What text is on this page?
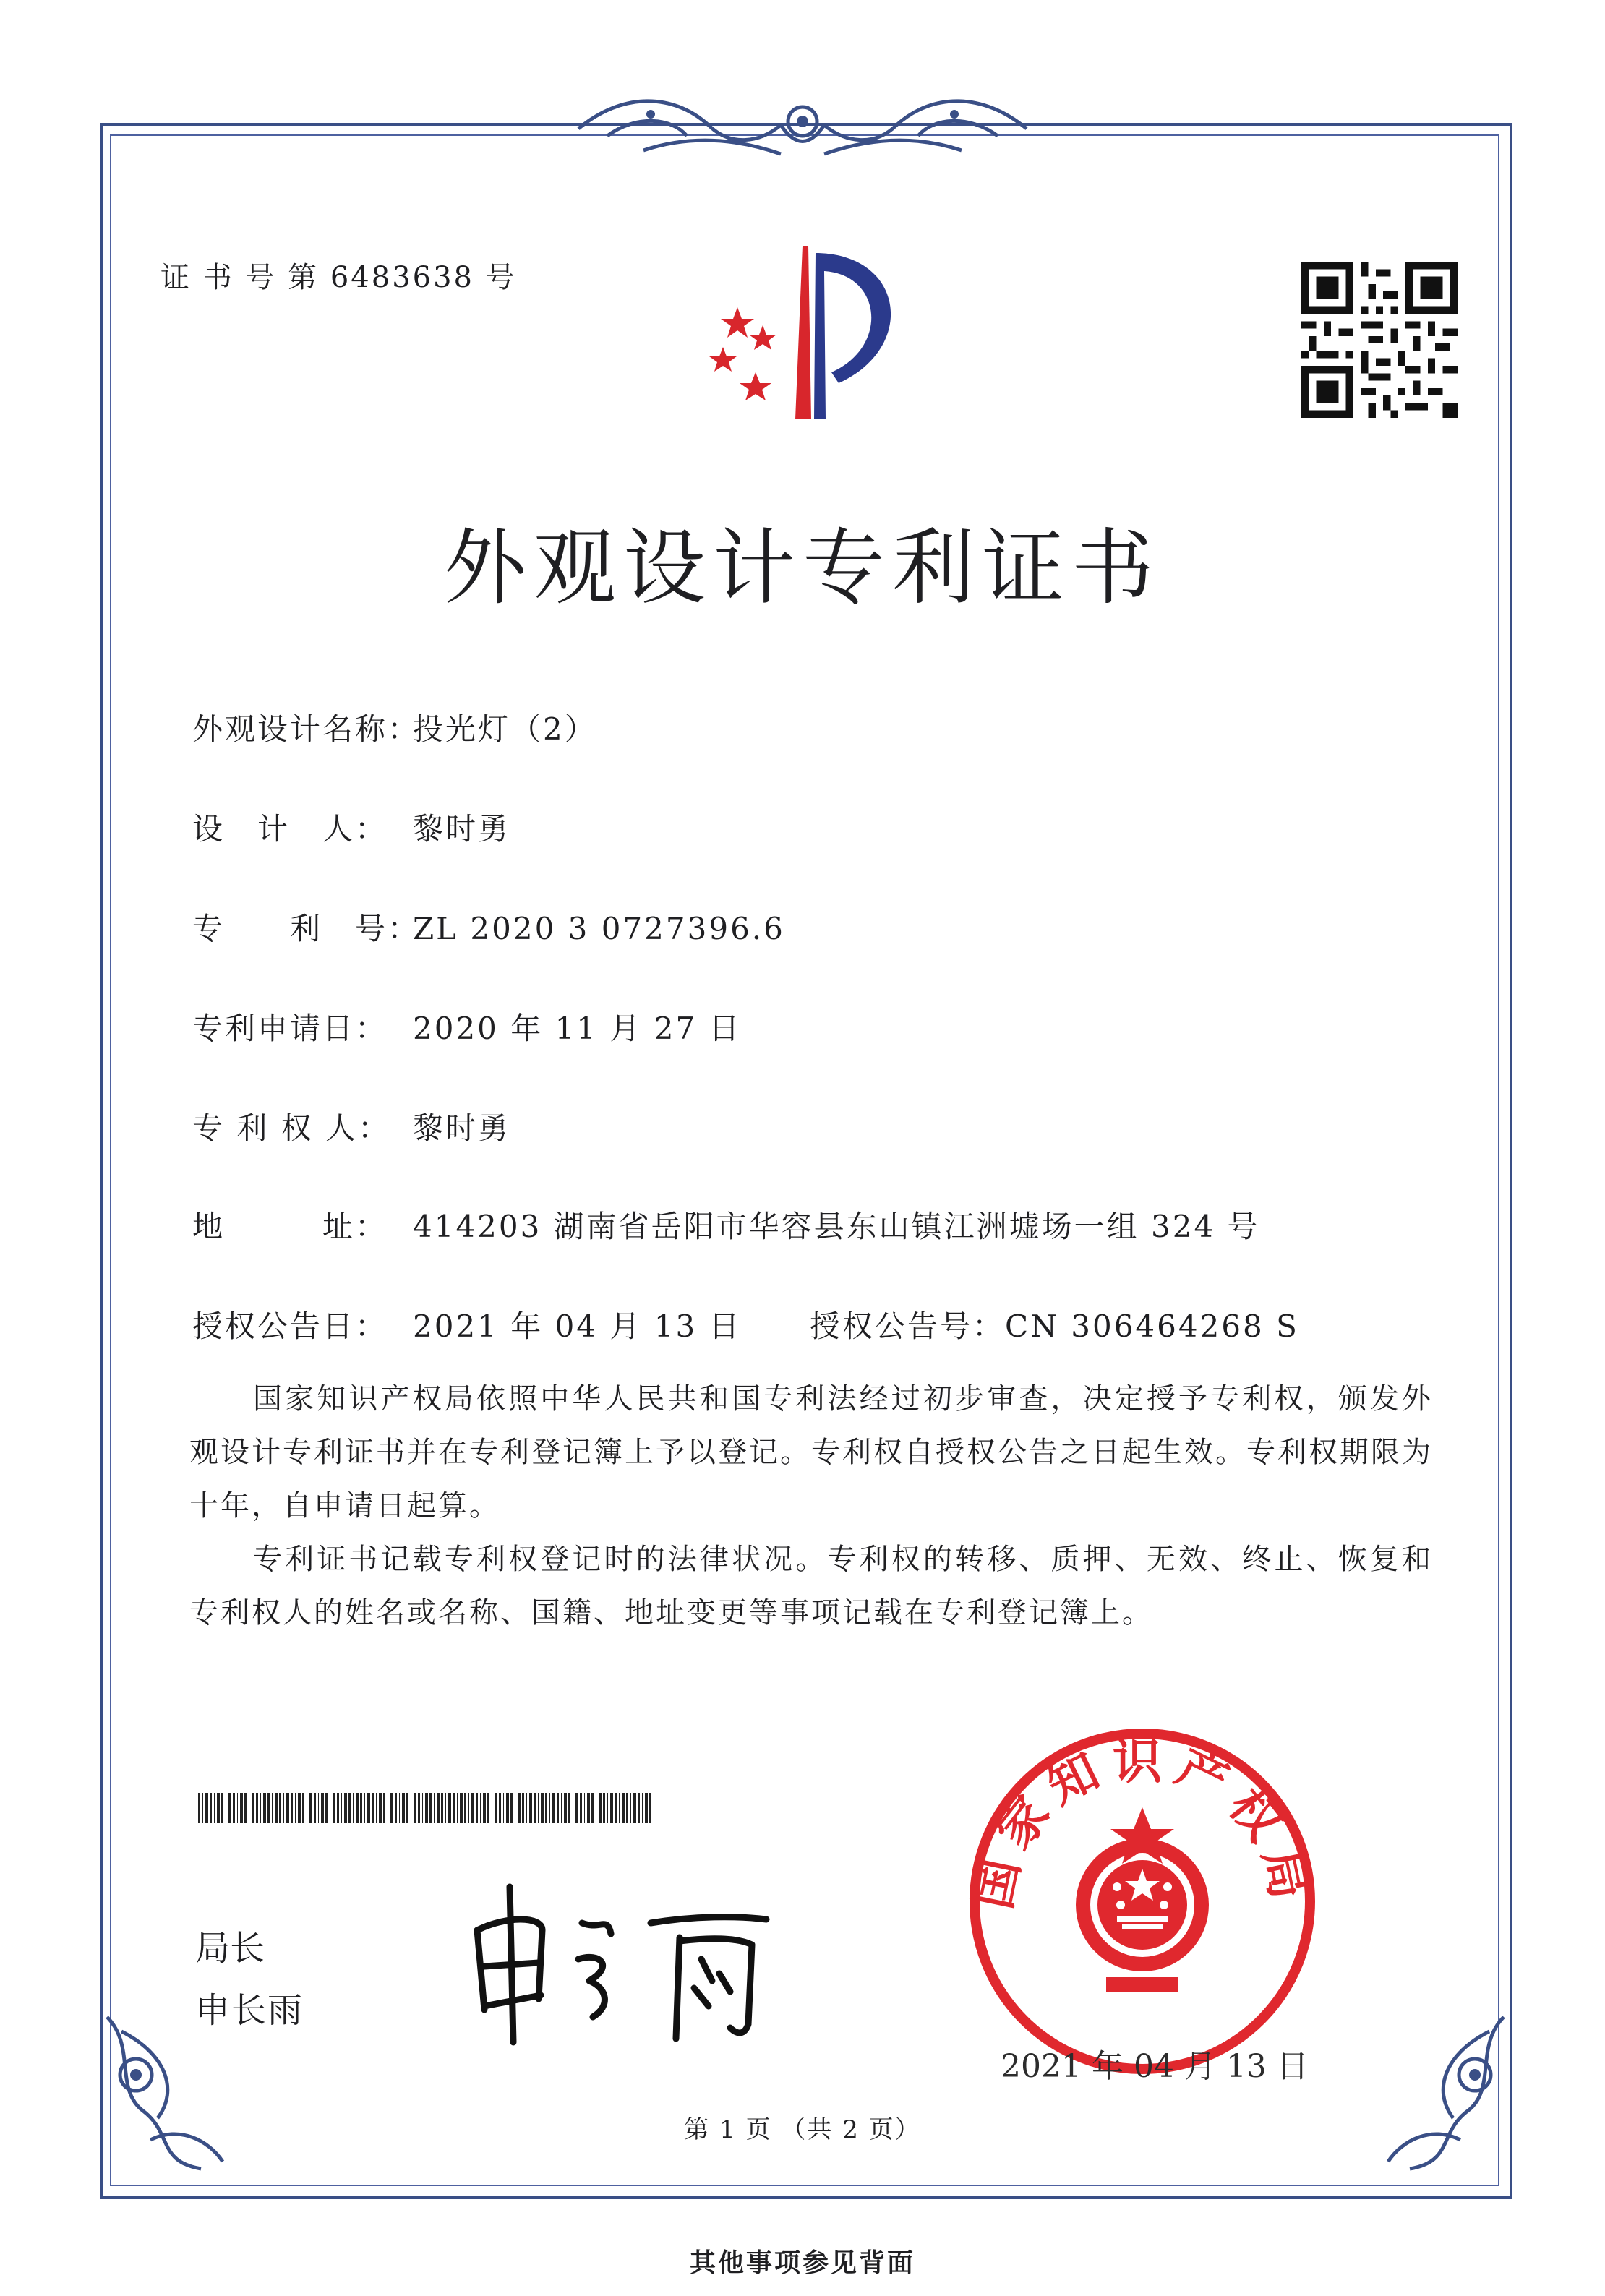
证 书 号 第 6483638 号
外观设计专利证书
外观设计名称：投光灯（2）
设　计　人： 黎时勇
专　　利　号：ZL 2020 3 0727396.6
专利申请日： 2020 年 11 月 27 日
专 利 权 人： 黎时勇
地　　　址： 414203 湖南省岳阳市华容县东山镇江洲墟场一组 324 号
授权公告日： 2021 年 04 月 13 日 授权公告号：CN 306464268 S
国家知识产权局依照中华人民共和国专利法经过初步审查，决定授予专利权，颁发外观设计专利证书并在专利登记簿上予以登记。专利权自授权公告之日起生效。专利权期限为十年，自申请日起算。
专利证书记载专利权登记时的法律状况。专利权的转移、质押、无效、终止、恢复和专利权人的姓名或名称、国籍、地址变更等事项记载在专利登记簿上。
局长
申长雨
国家知识产权局
2021 年 04 月 13 日
第 1 页 （共 2 页）
其他事项参见背面
